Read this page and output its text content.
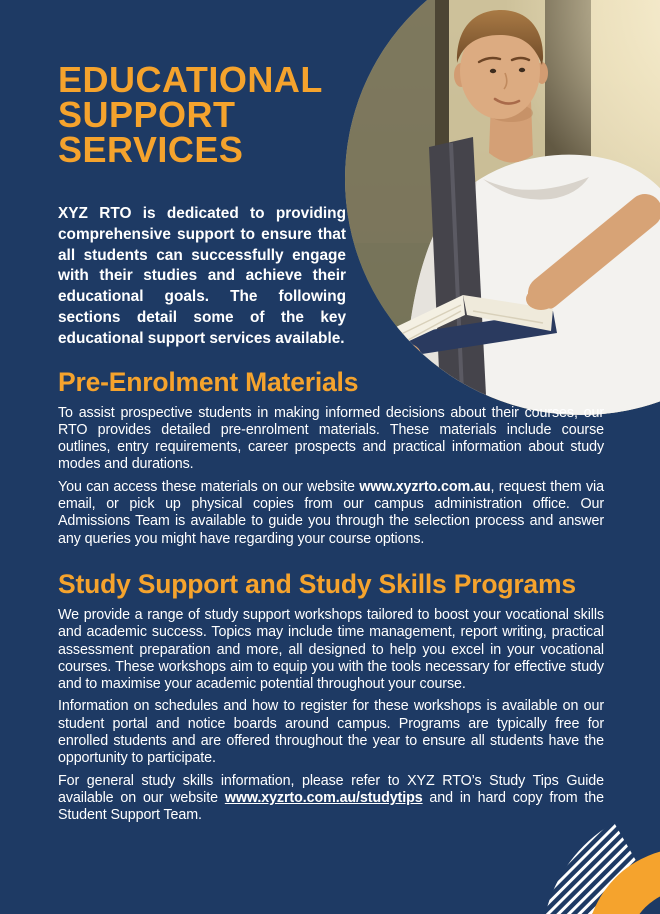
EDUCATIONAL
SUPPORT
SERVICES

XYZ RTO is dedicated to providing comprehensive support to ensure that all students can successfully engage with their studies and achieve their educational goals. The following sections detail some of the key educational support services available.

Pre-Enrolment Materials

To assist prospective students in making informed decisions about their courses, our RTO provides detailed pre-enrolment materials. These materials include course outlines, entry requirements, career prospects and practical information about study modes and durations.

You can access these materials on our website www.xyzrto.com.au, request them via email, or pick up physical copies from our campus administration office. Our Admissions Team is available to guide you through the selection process and answer any queries you might have regarding your course options.

Study Support and Study Skills Programs

We provide a range of study support workshops tailored to boost your vocational skills and academic success. Topics may include time management, report writing, practical assessment preparation and more, all designed to help you excel in your vocational courses. These workshops aim to equip you with the tools necessary for effective study and to maximise your academic potential throughout your course.

Information on schedules and how to register for these workshops is available on our student portal and notice boards around campus. Programs are typically free for enrolled students and are offered throughout the year to ensure all students have the opportunity to participate.

For general study skills information, please refer to XYZ RTO’s Study Tips Guide available on our website www.xyzrto.com.au/studytips and in hard copy from the Student Support Team.
